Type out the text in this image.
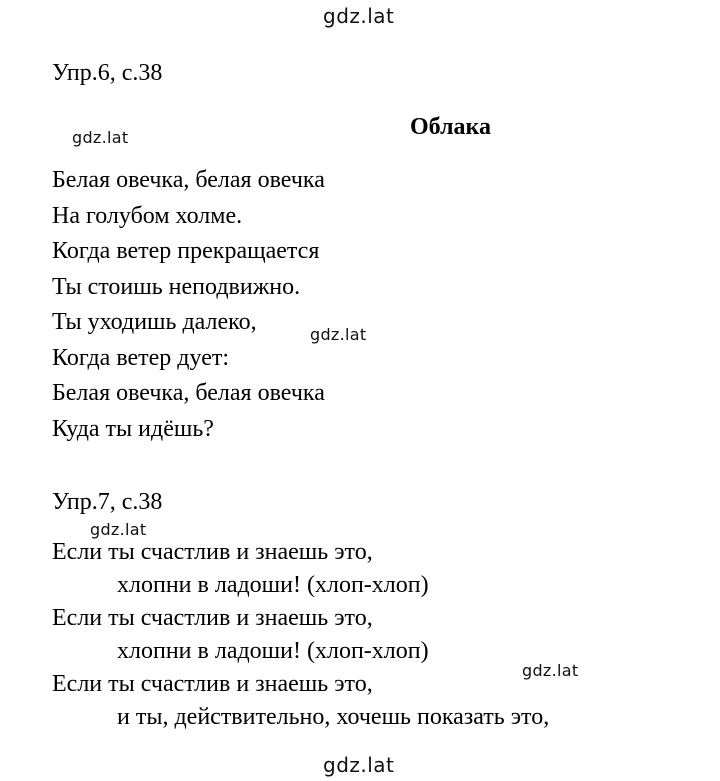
gdz.lat
gdz.lat
gdz.lat
gdz.lat
gdz.lat
gdz.lat
Упр.6, с.38
Облака
Белая овечка, белая овечка
На голубом холме.
Когда ветер прекращается
Ты стоишь неподвижно.
Ты уходишь далеко,
Когда ветер дует:
Белая овечка, белая овечка
Куда ты идёшь?
Упр.7, с.38
Если ты счастлив и знаешь это,
хлопни в ладоши! (хлоп-хлоп)
Если ты счастлив и знаешь это,
хлопни в ладоши! (хлоп-хлоп)
Если ты счастлив и знаешь это,
и ты, действительно, хочешь показать это,
